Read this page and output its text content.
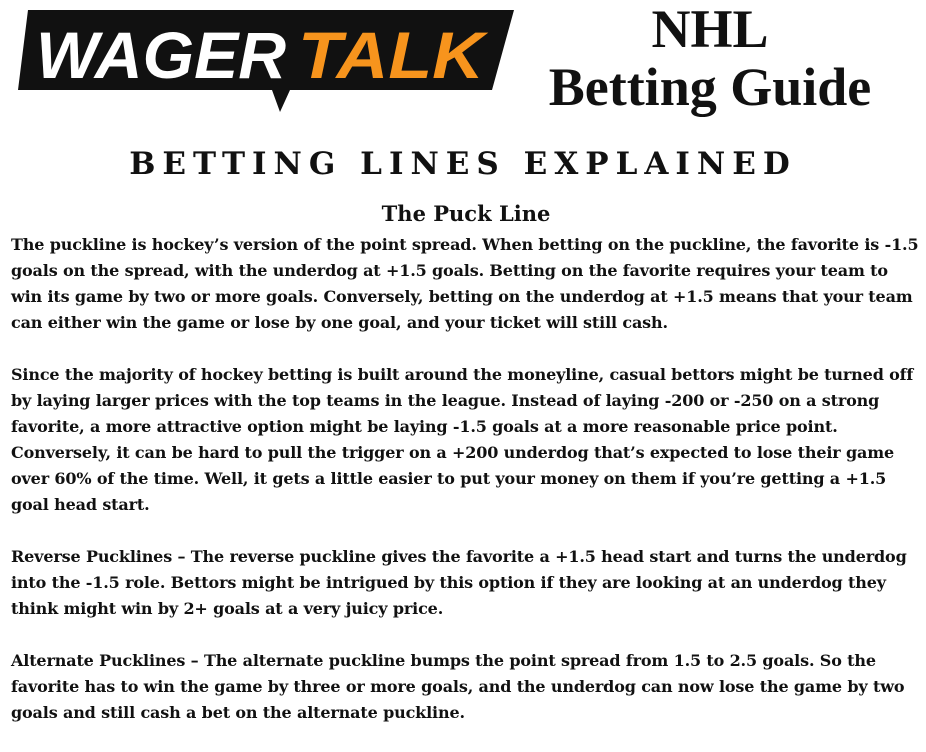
WAGER TALK	NHL
Betting Guide
BETTING LINES EXPLAINED
The Puck Line

The puckline is hockey’s version of the point spread. When betting on the puckline, the favorite is -1.5 goals on the spread, with the underdog at +1.5 goals. Betting on the favorite requires your team to win its game by two or more goals. Conversely, betting on the underdog at +1.5 means that your team can either win the game or lose by one goal, and your ticket will still cash.

Since the majority of hockey betting is built around the moneyline, casual bettors might be turned off by laying larger prices with the top teams in the league. Instead of laying -200 or -250 on a strong favorite, a more attractive option might be laying -1.5 goals at a more reasonable price point. Conversely, it can be hard to pull the trigger on a +200 underdog that’s expected to lose their game over 60% of the time. Well, it gets a little easier to put your money on them if you’re getting a +1.5 goal head start.

Reverse Pucklines – The reverse puckline gives the favorite a +1.5 head start and turns the underdog into the -1.5 role. Bettors might be intrigued by this option if they are looking at an underdog they think might win by 2+ goals at a very juicy price.

Alternate Pucklines – The alternate puckline bumps the point spread from 1.5 to 2.5 goals. So the favorite has to win the game by three or more goals, and the underdog can now lose the game by two goals and still cash a bet on the alternate puckline.
